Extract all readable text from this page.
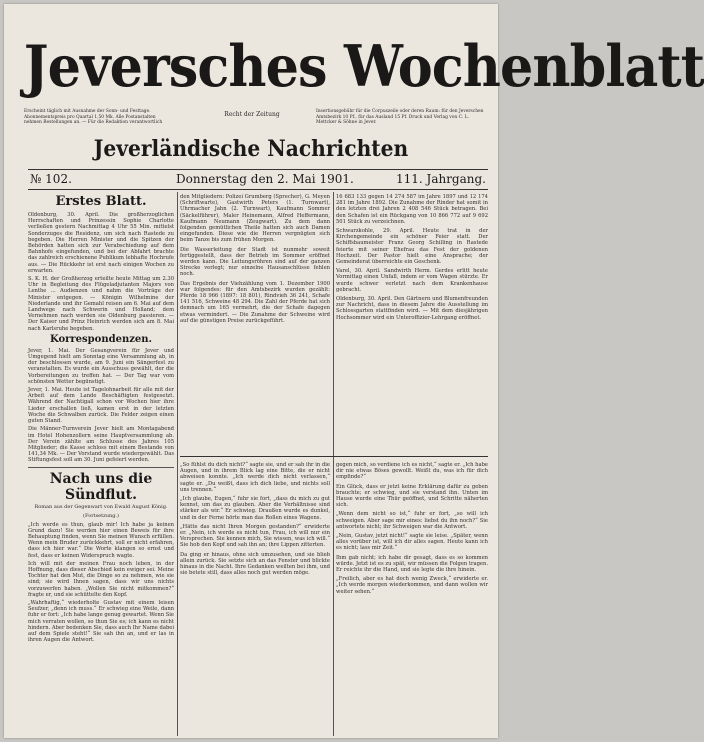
Jeversches Wochenblatt
Erscheint täglich mit Ausnahme der Sonn- und Festtage. Abonnementspreis pro Quartal 1,50 Mk. Alle Postanstalten nehmen Bestellungen an. — Für die Redaktion verantwortlich
Recht der Zeitung	Insertionsgebühr für die Corpuszeile oder deren Raum: für den Jeverschen Amtsbezirk 10 Pf., für das Ausland 15 Pf. Druck und Verlag von C. L. Mettcker & Söhne in Jever.
Jeverländische Nachrichten
№ 102.	Donnerstag den 2. Mai 1901.	111. Jahrgang.
Erstes Blatt.

Oldenburg, 30. April. Die großherzoglichen Herrschaften und Prinzessin Sophie Charlotte verließen gestern Nachmittag 4 Uhr 55 Min. mittelst Sonderzuges die Residenz, um sich nach Rastede zu begeben. Die Herren Minister und die Spitzen der Behörden hatten sich zur Verabschiedung auf dem Bahnhofe eingefunden, und bei der Abfahrt brachte das zahlreich erschienene Publikum lebhafte Hochrufe aus. — Die Rückkehr ist erst nach einigen Wochen zu erwarten.

S. K. H. der Großherzog erteilte heute Mittag um 2.30 Uhr in Begleitung des Flügeladjutanten Majors von Lenthe ... Audienzen und nahm die Vorträge der Minister entgegen. — Königin Wilhelmine der Niederlande und ihr Gemahl reisen am 6. Mai auf dem Landwege nach Schwerin und Holland; dem Vernehmen nach werden sie Oldenburg passieren. — Der Kaiser und Prinz Heinrich werden sich am 8. Mai nach Karlsruhe begeben.

Korrespondenzen.

Jever, 1. Mai. Der Gesangverein für Jever und Umgegend hielt am Sonntag eine Versammlung ab, in der beschlossen wurde, am 9. Juni ein Sängerfest zu veranstalten. Es wurde ein Ausschuss gewählt, der die Vorbereitungen zu treffen hat. — Der Tag war vom schönsten Wetter begünstigt.

Jever, 1. Mai. Heute ist Tagelohnarbeit für alle mit der Arbeit auf dem Lande Beschäftigten festgesetzt. Während der Nachtigall schon vor Wochen hier ihre Lieder erschallen ließ, kamen erst in der letzten Woche die Schwalben zurück. Die Felder zeigen einen guten Stand.

Die Männer-Turnverein Jever hielt am Montagabend im Hotel Hohenzollern seine Hauptversammlung ab. Der Verein zählte am Schlusse des Jahres 105 Mitglieder; die Kasse schloss mit einem Bestande von 141,34 Mk. — Der Vorstand wurde wiedergewählt. Das Stiftungsfest soll am 30. Juni gefeiert werden.

Nach uns die Sündflut.
Roman aus der Gegenwart von Ewald August König.
(Fortsetzung.)

„Ich werde es thun, glaub mir! Ich habe ja keinen Grund dazu! Sie werden hier einen Beweis für ihre Behauptung finden, wenn Sie meinen Wunsch erfüllen. Wenn mein Bruder zurückkehrt, soll er nicht erfahren, dass ich hier war.“ Die Worte klangen so ernst und fest, dass er keinen Widerspruch wagte.

Ich will mit der meinen Frau noch leben, in der Hoffnung, dass dieser Abschied kein ewiger sei. Meine Tochter hat den Mut, die Dinge so zu nehmen, wie sie sind; sie wird Ihnen sagen, dass wir uns nichts vorzuwerfen haben. „Wollen Sie nicht mitkommen?“ fragte er, und sie schüttelte den Kopf.

„Wahrhaftig,“ wiederholte Gustav mit einem leisen Seufzer, „denn ich muss.“ Er schwieg eine Weile, dann fuhr er fort: „Ich habe lange genug gewartet. Wenn Sie mich verraten wollen, so thun Sie es; ich kann es nicht hindern. Aber bedenken Sie, dass auch Ihr Name dabei auf dem Spiele steht!“ Sie sah ihn an, und er las in ihren Augen die Antwort.

den Mitgliedern: Polizei Grumberg (Sprecher), G. Meyen (Schriftwarte), Gastwirth Peters (1. Turnwart), Uhrmacher Jahn (2. Turnwart), Kaufmann Sommer (Säckelführer), Maler Heinemann, Alfred Heffermann, Kaufmann Neumann (Zeugwart). Zu dem dann folgenden gemütlichen Theile hatten sich auch Damen eingefunden. Diese wie die Herren vergnügten sich beim Tanze bis zum frühen Morgen.

Die Wasserleitung der Stadt ist nunmehr soweit fertiggestellt, dass der Betrieb im Sommer eröffnet werden kann. Die Leitungsröhren sind auf der ganzen Strecke verlegt; nur einzelne Hausanschlüsse fehlen noch.

Das Ergebnis der Viehzählung vom 1. Dezember 1900 war folgendes: für den Amtsbezirk wurden gezählt: Pferde 18 966 (1897: 18 801), Rindvieh 36 241, Schafe 141 516, Schweine 48 294. Die Zahl der Pferde hat sich demnach um 165 vermehrt, die der Schafe dagegen etwas vermindert. — Die Zunahme der Schweine wird auf die günstigen Preise zurückgeführt.

16 683 133 gegen 14 274 587 im Jahre 1897 und 12 174 281 im Jahre 1892. Die Zunahme der Rinder hat somit in den letzten drei Jahren 2 408 546 Stück betragen. Bei den Schafen ist ein Rückgang von 10 866 772 auf 9 692 501 Stück zu verzeichnen.

Schwarzkohle, 29. April. Heute trat in der Kirchengemeinde ein schöner Feier statt. Der Schiffsbaumeister Franz Georg Schilling in Rastede feierte mit seiner Ehefrau das Fest der goldenen Hochzeit. Der Pastor hielt eine Ansprache; der Gemeinderat überreichte ein Geschenk.

Varel, 30. April. Sandwirth Herm. Gerdes erlitt heute Vormittag einen Unfall, indem er vom Wagen stürzte. Er wurde schwer verletzt nach dem Krankenhause gebracht.

Oldenburg, 30. April. Den Gärtnern und Blumenfreunden zur Nachricht, dass in diesem Jahre die Ausstellung im Schlossgarten stattfinden wird. — Mit dem diesjährigen Hochsommer wird ein Unteroffizier-Lehrgang eröffnet.

„So fühlst du dich nicht?“ sagte sie, und er sah ihr in die Augen, und in ihrem Blick lag eine Bitte, die er nicht abweisen konnte. „Ich werde dich nicht verlassen,“ sagte er. „Du weißt, dass ich dich liebe, und nichts soll uns trennen.“

„Ich glaube, Eugen,“ fuhr sie fort, „dass du mich zu gut kennst, um das zu glauben. Aber die Verhältnisse sind stärker als wir.“ Er schwieg. Draußen wurde es dunkel, und in der Ferne hörte man das Rollen eines Wagens.

„Hätte das nicht Ihren Morgen gestanden?“ erwiderte er. „Nein, ich werde es nicht tun, Frau, ich will nur ein Versprechen. Sie kennen mich, Sie wissen, was ich will.“ Sie hob den Kopf und sah ihn an; ihre Lippen zitterten.

Da ging er hinaus, ohne sich umzusehen, und sie blieb allein zurück. Sie setzte sich an das Fenster und blickte hinaus in die Nacht. Ihre Gedanken weilten bei ihm, und sie betete still, dass alles noch gut werden möge.

gegen mich, so verdiene ich es nicht,“ sagte er. „Ich habe dir nie etwas Böses gewollt. Weißt du, was ich für dich empfinde?“

Ein Glück, dass er jetzt keine Erklärung dafür zu geben brauchte; er schwieg, und sie verstand ihn. Unten im Hause wurde eine Thür geöffnet, und Schritte näherten sich.

„Wenn dem nicht so ist,“ fuhr er fort, „so will ich schweigen. Aber sage mir eines: liebst du ihn noch?“ Sie antwortete nicht; ihr Schweigen war die Antwort.

„Nein, Gustav, jetzt nicht!“ sagte sie leise. „Später, wenn alles vorüber ist, will ich dir alles sagen. Heute kann ich es nicht; lass mir Zeit.“

Ihm gab nicht; ich habe dir gesagt, dass es so kommen würde. Jetzt ist es zu spät, wir müssen die Folgen tragen. Er reichte ihr die Hand, und sie legte die ihre hinein.

„Freilich, aber es hat doch wenig Zweck,“ erwiderte er. „Ich werde morgen wiederkommen, und dann wollen wir weiter sehen.“
